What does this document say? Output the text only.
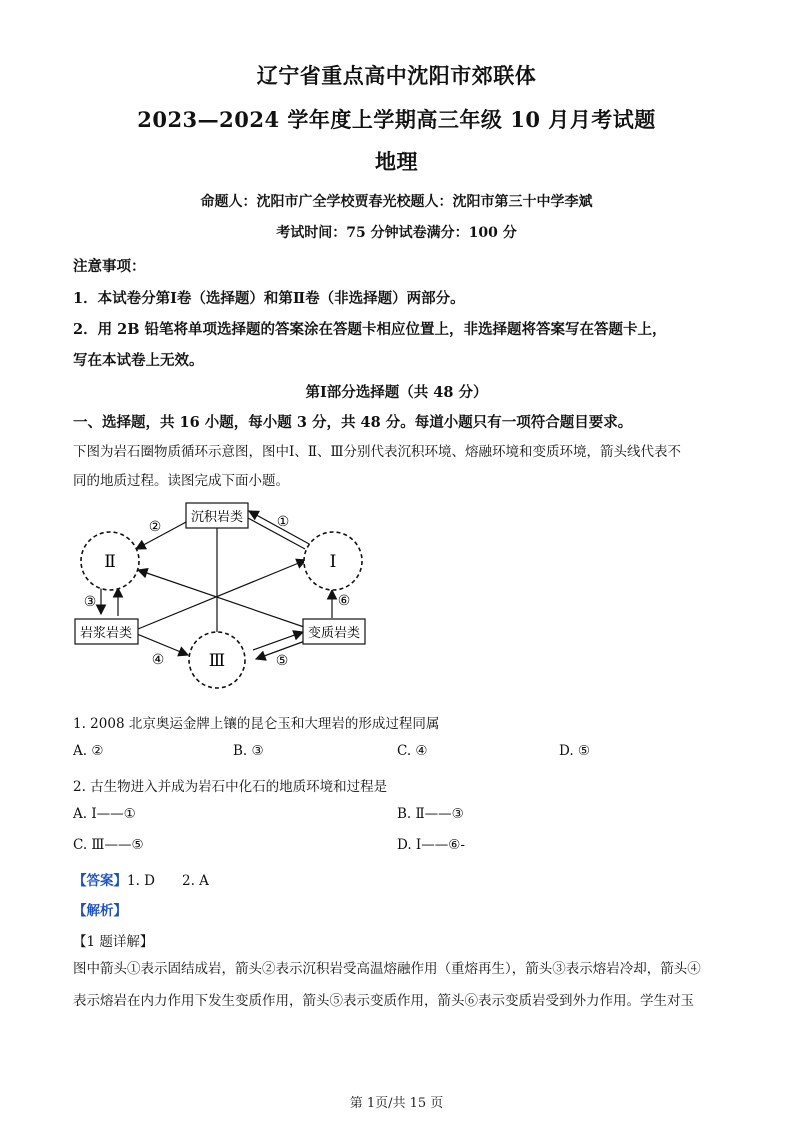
辽宁省重点高中沈阳市郊联体
2023—2024 学年度上学期高三年级 10 月月考试题
地理
命题人：沈阳市广全学校贾春光校题人：沈阳市第三十中学李斌
考试时间：75 分钟试卷满分：100 分
注意事项：
1．本试卷分第Ⅰ卷（选择题）和第Ⅱ卷（非选择题）两部分。
2．用 2B 铅笔将单项选择题的答案涂在答题卡相应位置上，非选择题将答案写在答题卡上，
写在本试卷上无效。
第Ⅰ部分选择题（共 48 分）
一、选择题，共 16 小题，每小题 3 分，共 48 分。每道小题只有一项符合题目要求。
下图为岩石圈物质循环示意图，图中Ⅰ、Ⅱ、Ⅲ分别代表沉积环境、熔融环境和变质环境，箭头线代表不
同的地质过程。读图完成下面小题。
Ⅱ	Ⅰ
Ⅲ
沉积岩类
岩浆岩类	变质岩类
②	①
③	⑥
④	⑤
1. 2008 北京奥运金牌上镶的昆仑玉和大理岩的形成过程同属
A. ②	B. ③	C. ④	D. ⑤
2. 古生物进入并成为岩石中化石的地质环境和过程是
A. Ⅰ——①	B. Ⅱ——③
C. Ⅲ——⑤	D. Ⅰ——⑥-
【答案】1. D　　2. A
【解析】
【1 题详解】
图中箭头①表示固结成岩，箭头②表示沉积岩受高温熔融作用（重熔再生），箭头③表示熔岩冷却，箭头④
表示熔岩在内力作用下发生变质作用，箭头⑤表示变质作用，箭头⑥表示变质岩受到外力作用。学生对玉
第 1页/共 15 页
